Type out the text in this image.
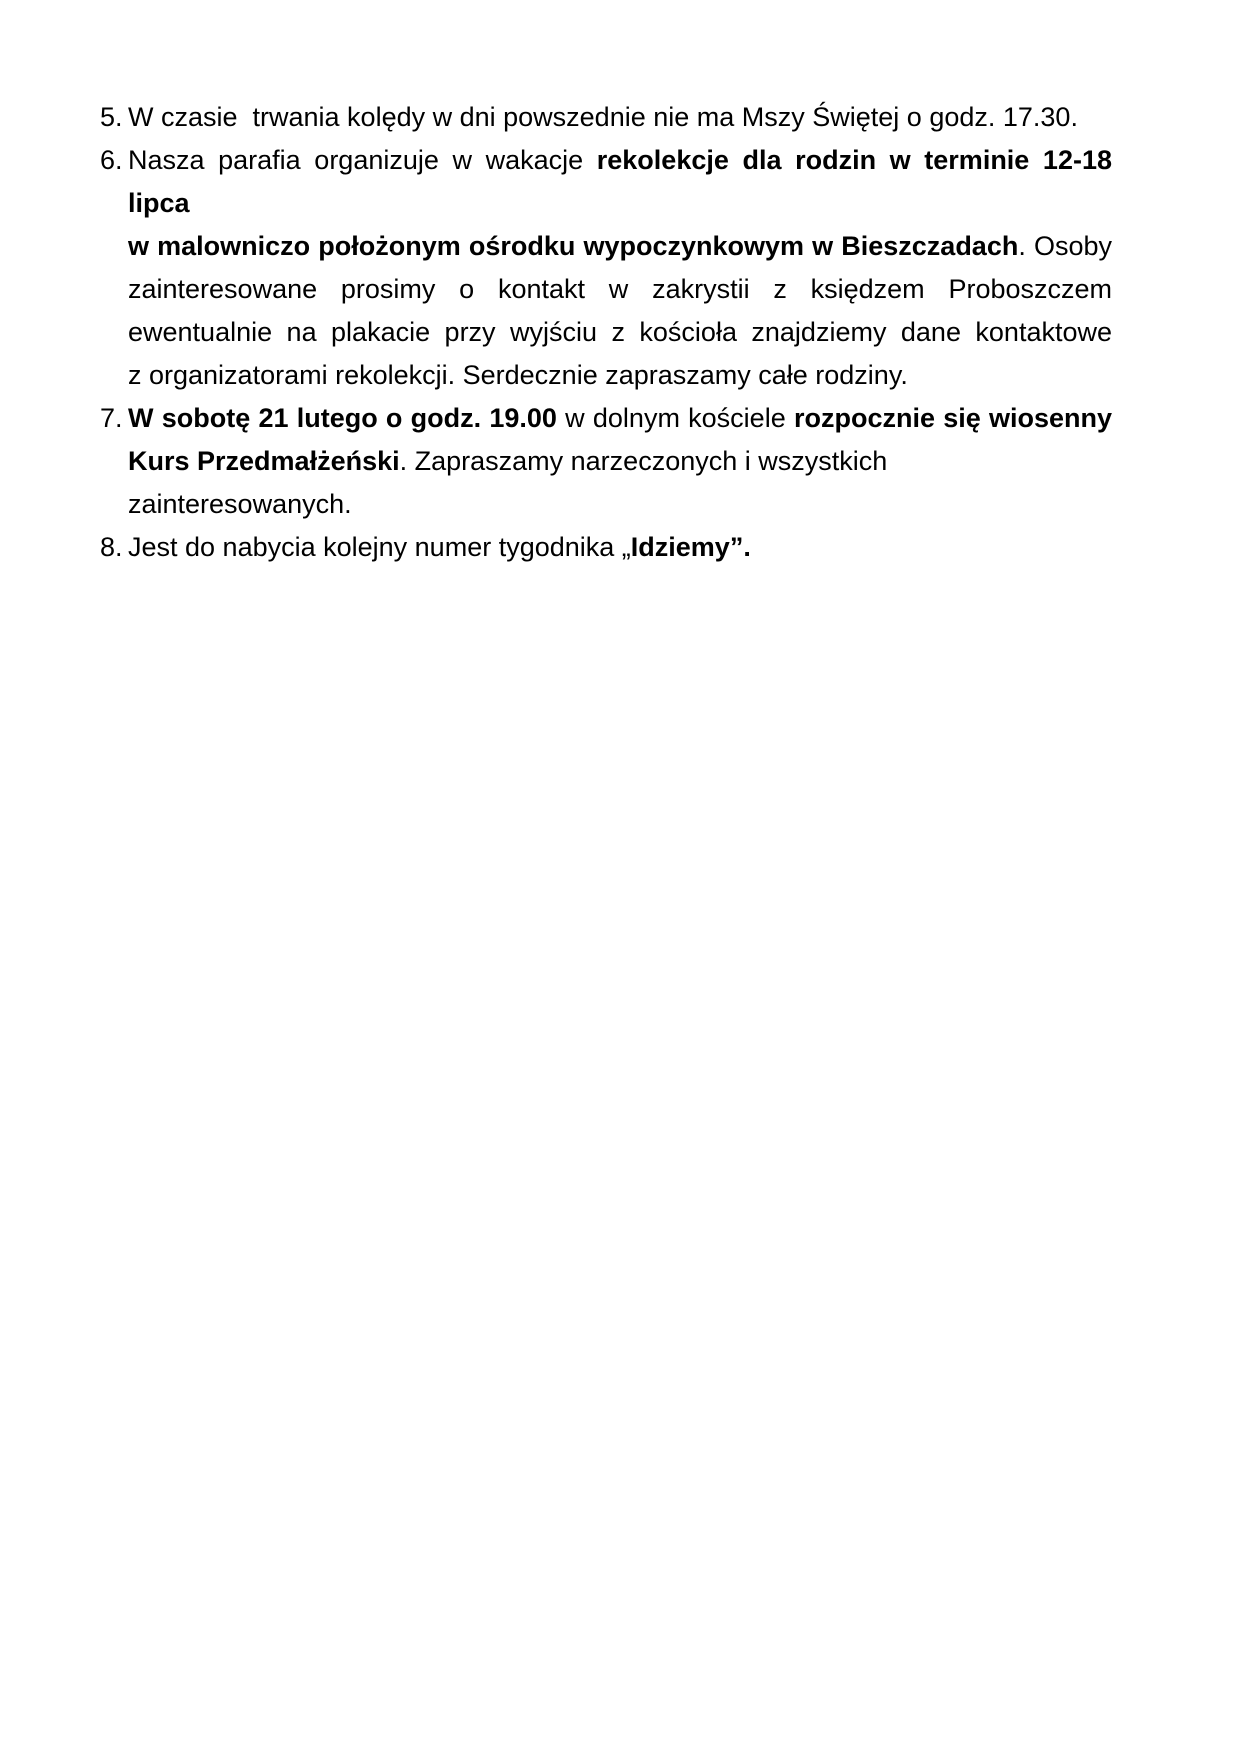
5. W czasie  trwania kolędy w dni powszednie nie ma Mszy Świętej o godz. 17.30.
6. Nasza parafia organizuje w wakacje rekolekcje dla rodzin w terminie 12-18 lipca
w malowniczo położonym ośrodku wypoczynkowym w Bieszczadach. Osoby
zainteresowane prosimy o kontakt w zakrystii z księdzem Proboszczem
ewentualnie na plakacie przy wyjściu z kościoła znajdziemy dane kontaktowe
z organizatorami rekolekcji. Serdecznie zapraszamy całe rodziny.
7. W sobotę 21 lutego o godz. 19.00 w dolnym kościele rozpocznie się wiosenny
Kurs Przedmałżeński. Zapraszamy narzeczonych i wszystkich zainteresowanych.
8. Jest do nabycia kolejny numer tygodnika „Idziemy”.
